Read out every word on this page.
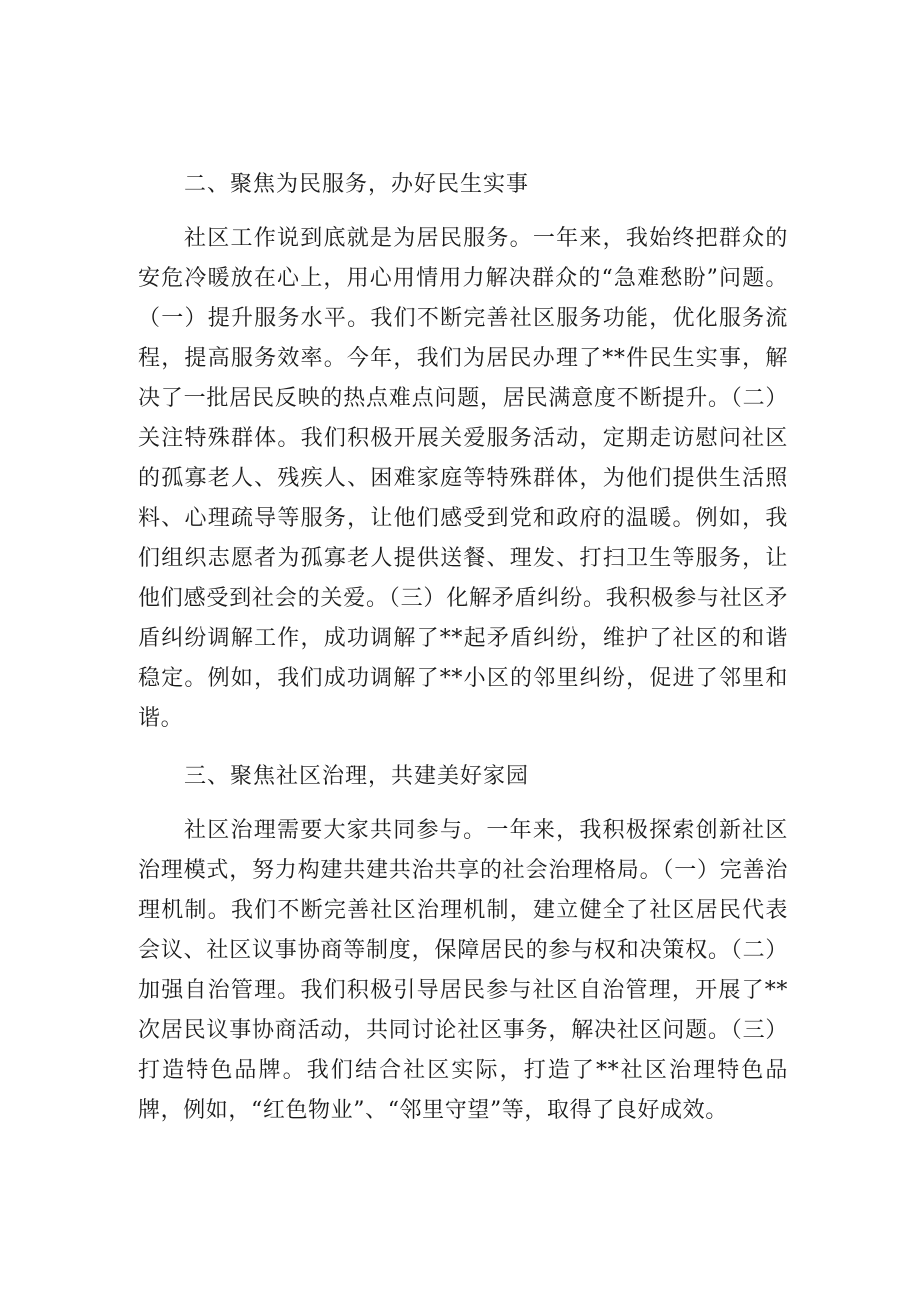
二、聚焦为民服务，办好民生实事
社区工作说到底就是为居民服务。一年来，我始终把群众的安危冷暖放在心上，用心用情用力解决群众的“急难愁盼”问题。（一）提升服务水平。我们不断完善社区服务功能，优化服务流程，提高服务效率。今年，我们为居民办理了**件民生实事，解决了一批居民反映的热点难点问题，居民满意度不断提升。（二）关注特殊群体。我们积极开展关爱服务活动，定期走访慰问社区的孤寡老人、残疾人、困难家庭等特殊群体，为他们提供生活照料、心理疏导等服务，让他们感受到党和政府的温暖。例如，我们组织志愿者为孤寡老人提供送餐、理发、打扫卫生等服务，让他们感受到社会的关爱。（三）化解矛盾纠纷。我积极参与社区矛盾纠纷调解工作，成功调解了**起矛盾纠纷，维护了社区的和谐稳定。例如，我们成功调解了**小区的邻里纠纷，促进了邻里和谐。
三、聚焦社区治理，共建美好家园
社区治理需要大家共同参与。一年来，我积极探索创新社区治理模式，努力构建共建共治共享的社会治理格局。（一）完善治理机制。我们不断完善社区治理机制，建立健全了社区居民代表会议、社区议事协商等制度，保障居民的参与权和决策权。（二）加强自治管理。我们积极引导居民参与社区自治管理，开展了**次居民议事协商活动，共同讨论社区事务，解决社区问题。（三）打造特色品牌。我们结合社区实际，打造了**社区治理特色品牌，例如，“红色物业”、“邻里守望”等，取得了良好成效。
